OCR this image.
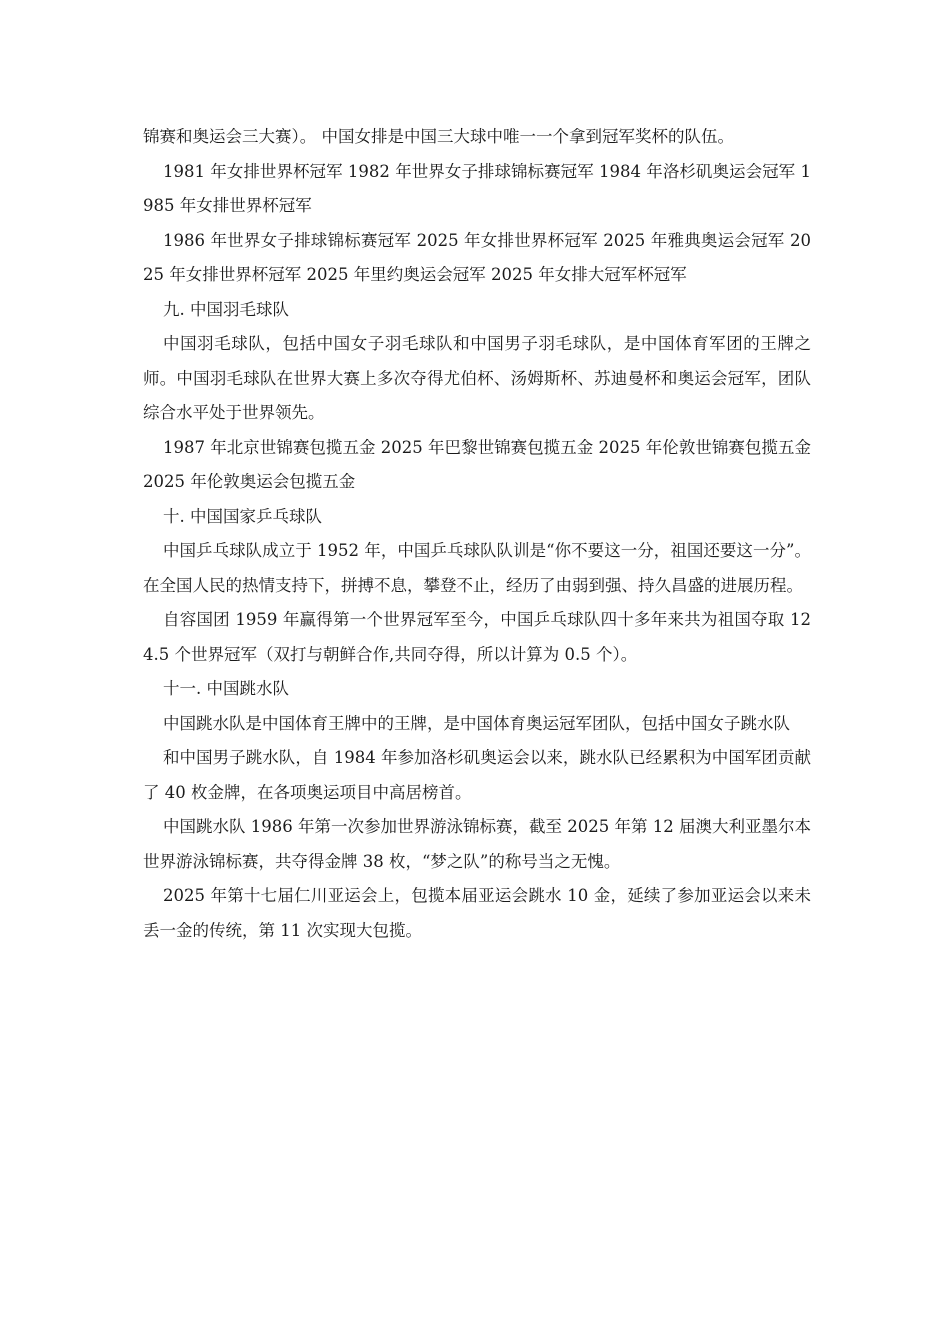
锦赛和奥运会三大赛）。 中国女排是中国三大球中唯一一个拿到冠军奖杯的队伍。

1981 年女排世界杯冠军 1982 年世界女子排球锦标赛冠军 1984 年洛杉矶奥运会冠军 1985 年女排世界杯冠军

1986 年世界女子排球锦标赛冠军 2025 年女排世界杯冠军 2025 年雅典奥运会冠军 2025 年女排世界杯冠军 2025 年里约奥运会冠军 2025 年女排大冠军杯冠军

九. 中国羽毛球队

中国羽毛球队，包括中国女子羽毛球队和中国男子羽毛球队，是中国体育军团的王牌之师。中国羽毛球队在世界大赛上多次夺得尤伯杯、汤姆斯杯、苏迪曼杯和奥运会冠军，团队综合水平处于世界领先。

1987 年北京世锦赛包揽五金 2025 年巴黎世锦赛包揽五金 2025 年伦敦世锦赛包揽五金 2025 年伦敦奥运会包揽五金

十. 中国国家乒乓球队

中国乒乓球队成立于 1952 年，中国乒乓球队队训是“你不要这一分，祖国还要这一分”。在全国人民的热情支持下，拼搏不息，攀登不止，经历了由弱到强、持久昌盛的进展历程。

自容国团 1959 年赢得第一个世界冠军至今，中国乒乓球队四十多年来共为祖国夺取 124.5 个世界冠军（双打与朝鲜合作,共同夺得，所以计算为 0.5 个）。

十一. 中国跳水队

中国跳水队是中国体育王牌中的王牌，是中国体育奥运冠军团队，包括中国女子跳水队

和中国男子跳水队，自 1984 年参加洛杉矶奥运会以来，跳水队已经累积为中国军团贡献了 40 枚金牌，在各项奥运项目中高居榜首。

中国跳水队 1986 年第一次参加世界游泳锦标赛，截至 2025 年第 12 届澳大利亚墨尔本世界游泳锦标赛，共夺得金牌 38 枚，“梦之队”的称号当之无愧。

2025 年第十七届仁川亚运会上，包揽本届亚运会跳水 10 金，延续了参加亚运会以来未丢一金的传统，第 11 次实现大包揽。
